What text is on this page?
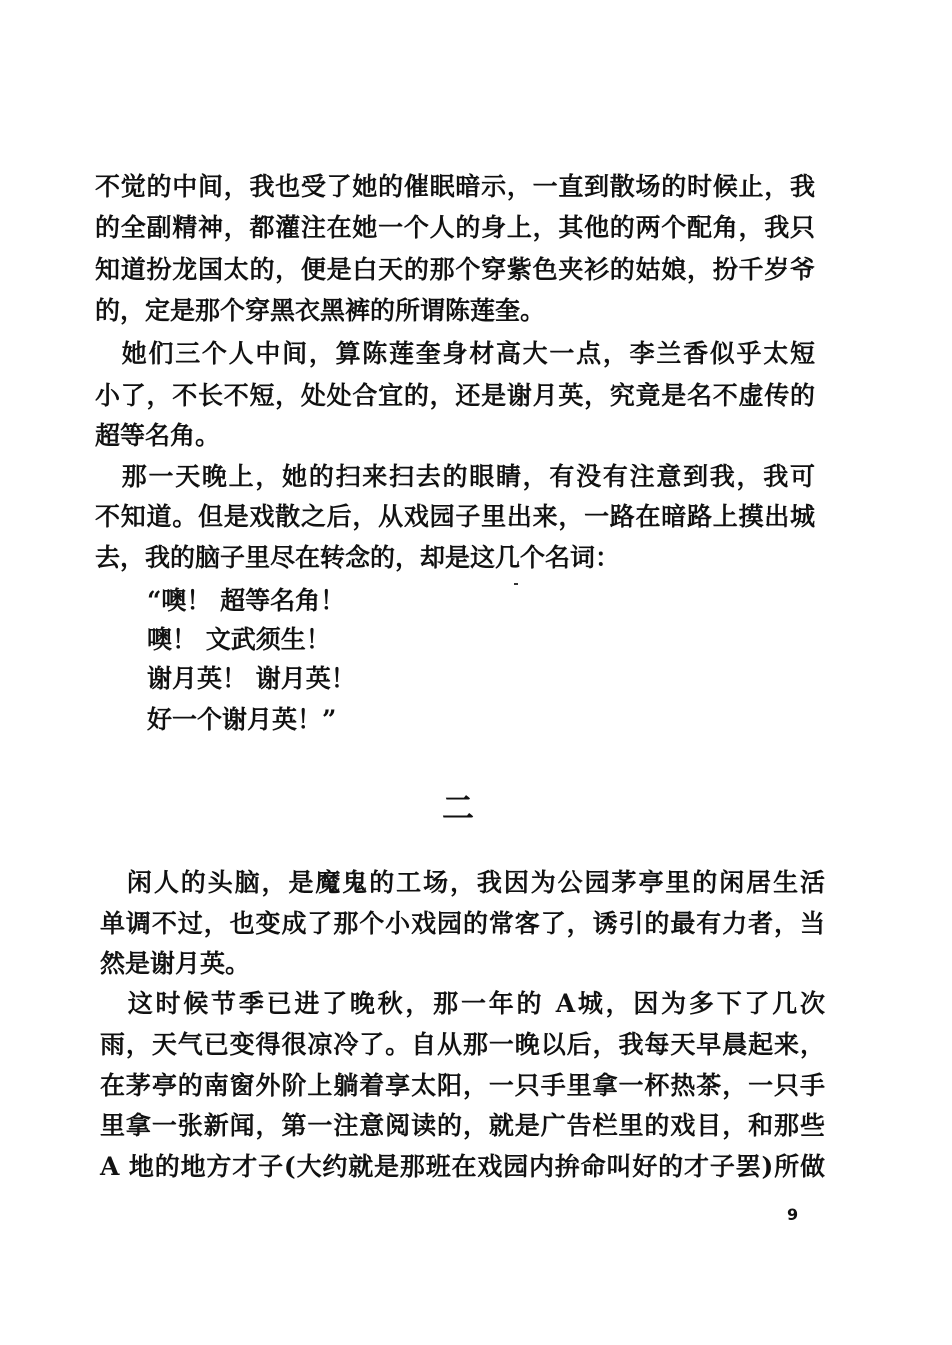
不觉的中间，我也受了她的催眠暗示，一直到散场的时候止，我
的全副精神，都灌注在她一个人的身上，其他的两个配角，我只
知道扮龙国太的，便是白天的那个穿紫色夹衫的姑娘，扮千岁爷
的，定是那个穿黑衣黑裤的所谓陈莲奎。
　她们三个人中间，算陈莲奎身材高大一点，李兰香似乎太短
小了，不长不短，处处合宜的，还是谢月英，究竟是名不虚传的
超等名角。
　那一天晚上，她的扫来扫去的眼睛，有没有注意到我，我可
不知道。但是戏散之后，从戏园子里出来，一路在暗路上摸出城
去，我的脑子里尽在转念的，却是这几个名词：
“噢！ 超等名角！
噢！ 文武须生！
谢月英！ 谢月英！
好一个谢月英！”
二
　闲人的头脑，是魔鬼的工场，我因为公园茅亭里的闲居生活
单调不过，也变成了那个小戏园的常客了，诱引的最有力者，当
然是谢月英。
　这时候节季已进了晚秋，那一年的 A城，因为多下了几次
雨，天气已变得很凉冷了。自从那一晚以后，我每天早晨起来，
在茅亭的南窗外阶上躺着享太阳，一只手里拿一杯热茶，一只手
里拿一张新闻，第一注意阅读的，就是广告栏里的戏目，和那些
A 地的地方才子(大约就是那班在戏园内拚命叫好的才子罢)所做
9
